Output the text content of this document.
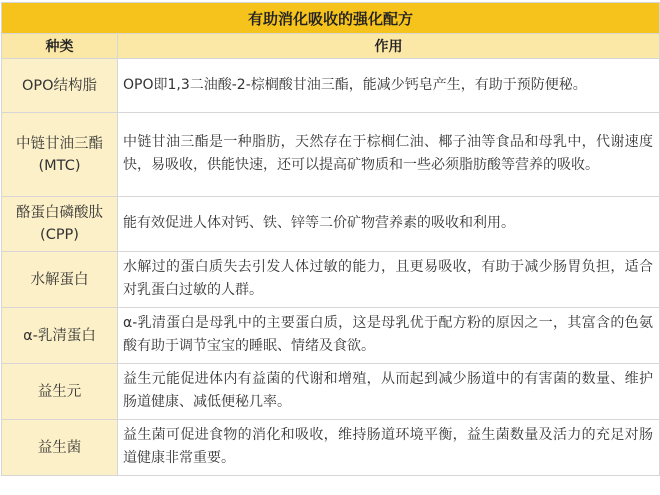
有助消化吸收的强化配方	
种类	作用
OPO结构脂	OPO即1,3二油酸-2-棕榈酸甘油三酯，能减少钙皂产生，有助于预防便秘。
中链甘油三酯(MTC)	中链甘油三酯是一种脂肪，天然存在于棕榈仁油、椰子油等食品和母乳中，代谢速度快，易吸收，供能快速，还可以提高矿物质和一些必须脂肪酸等营养的吸收。
酪蛋白磷酸肽(CPP)	能有效促进人体对钙、铁、锌等二价矿物营养素的吸收和利用。
水解蛋白	水解过的蛋白质失去引发人体过敏的能力，且更易吸收，有助于减少肠胃负担，适合对乳蛋白过敏的人群。
α-乳清蛋白	α-乳清蛋白是母乳中的主要蛋白质，这是母乳优于配方粉的原因之一，其富含的色氨酸有助于调节宝宝的睡眠、情绪及食欲。
益生元	益生元能促进体内有益菌的代谢和增殖，从而起到减少肠道中的有害菌的数量、维护肠道健康、减低便秘几率。
益生菌	益生菌可促进食物的消化和吸收，维持肠道环境平衡，益生菌数量及活力的充足对肠道健康非常重要。
